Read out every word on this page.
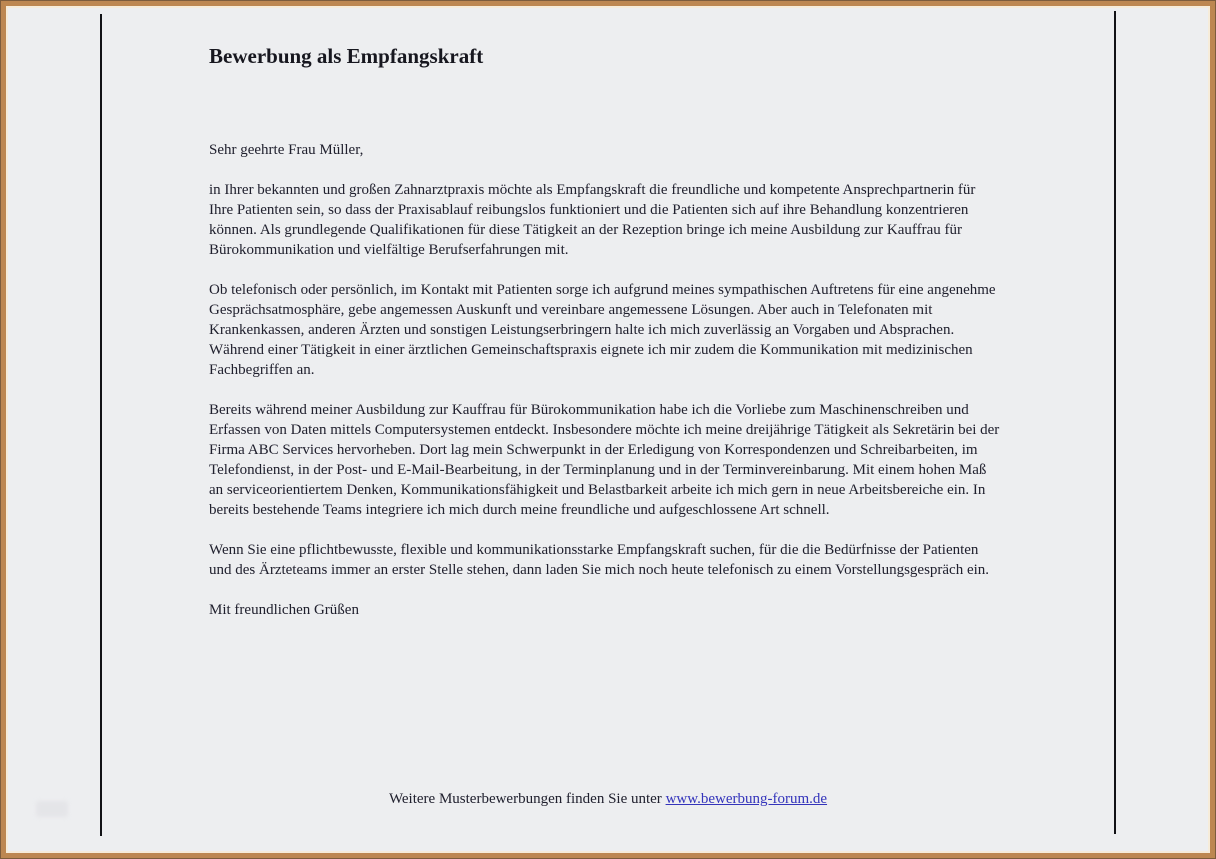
Bewerbung als Empfangskraft

Sehr geehrte Frau Müller,

in Ihrer bekannten und großen Zahnarztpraxis möchte als Empfangskraft die freundliche und kompetente Ansprechpartnerin für Ihre Patienten sein, so dass der Praxisablauf reibungslos funktioniert und die Patienten sich auf ihre Behandlung konzentrieren können. Als grundlegende Qualifikationen für diese Tätigkeit an der Rezeption bringe ich meine Ausbildung zur Kauffrau für Bürokommunikation und vielfältige Berufserfahrungen mit.

Ob telefonisch oder persönlich, im Kontakt mit Patienten sorge ich aufgrund meines sympathischen Auftretens für eine angenehme Gesprächsatmosphäre, gebe angemessen Auskunft und vereinbare angemessene Lösungen. Aber auch in Telefonaten mit Krankenkassen, anderen Ärzten und sonstigen Leistungserbringern halte ich mich zuverlässig an Vorgaben und Absprachen. Während einer Tätigkeit in einer ärztlichen Gemeinschaftspraxis eignete ich mir zudem die Kommunikation mit medizinischen Fachbegriffen an.

Bereits während meiner Ausbildung zur Kauffrau für Bürokommunikation habe ich die Vorliebe zum Maschinenschreiben und Erfassen von Daten mittels Computersystemen entdeckt. Insbesondere möchte ich meine dreijährige Tätigkeit als Sekretärin bei der Firma ABC Services hervorheben. Dort lag mein Schwerpunkt in der Erledigung von Korrespondenzen und Schreibarbeiten, im Telefondienst, in der Post- und E-Mail-Bearbeitung, in der Terminplanung und in der Terminvereinbarung. Mit einem hohen Maß an serviceorientiertem Denken, Kommunikationsfähigkeit und Belastbarkeit arbeite ich mich gern in neue Arbeitsbereiche ein. In bereits bestehende Teams integriere ich mich durch meine freundliche und aufgeschlossene Art schnell.

Wenn Sie eine pflichtbewusste, flexible und kommunikationsstarke Empfangskraft suchen, für die die Bedürfnisse der Patienten und des Ärzteteams immer an erster Stelle stehen, dann laden Sie mich noch heute telefonisch zu einem Vorstellungsgespräch ein.

Mit freundlichen Grüßen

Weitere Musterbewerbungen finden Sie unter www.bewerbung-forum.de
